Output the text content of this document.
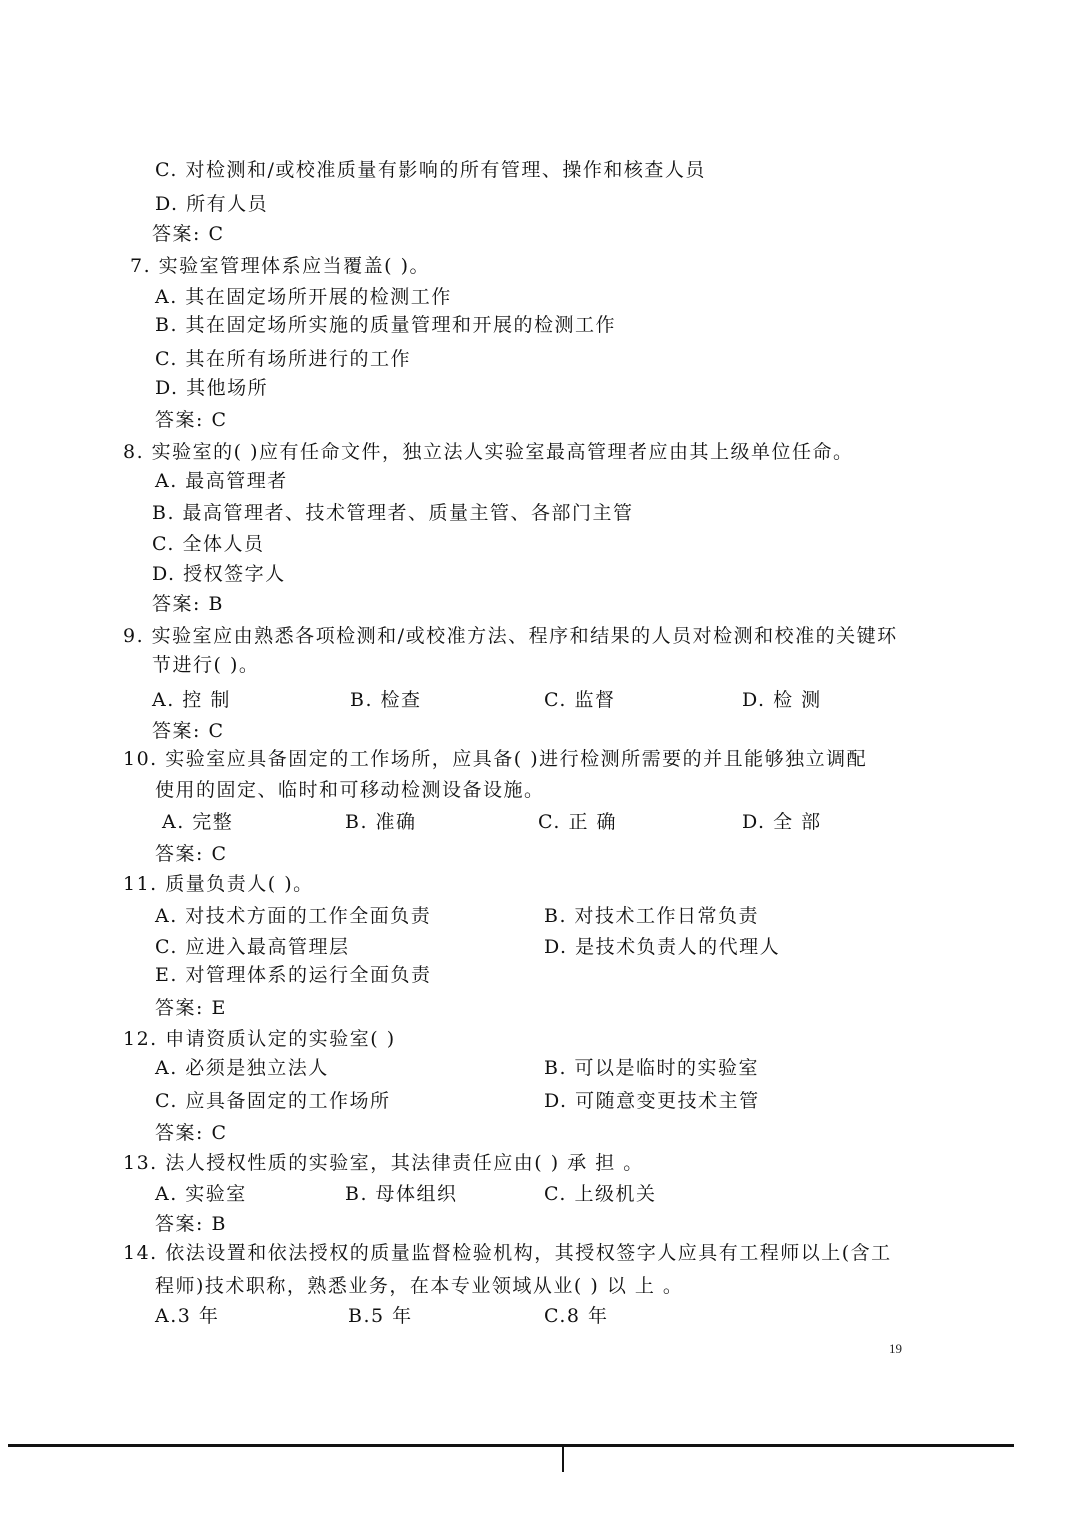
C. 对检测和/或校准质量有影响的所有管理、操作和核查人员
D. 所有人员
答案: C
7. 实验室管理体系应当覆盖( )。
A. 其在固定场所开展的检测工作
B. 其在固定场所实施的质量管理和开展的检测工作
C. 其在所有场所进行的工作
D. 其他场所
答案: C
8. 实验室的( )应有任命文件，独立法人实验室最高管理者应由其上级单位任命。
A. 最高管理者
B. 最高管理者、技术管理者、质量主管、各部门主管
C. 全体人员
D. 授权签字人
答案: B
9. 实验室应由熟悉各项检测和/或校准方法、程序和结果的人员对检测和校准的关键环
节进行( )。
A. 控 制	B. 检查	C. 监督	D. 检 测
答案: C
10. 实验室应具备固定的工作场所，应具备( )进行检测所需要的并且能够独立调配
使用的固定、临时和可移动检测设备设施。
A. 完整	B. 准确	C. 正 确	D. 全 部
答案: C
11. 质量负责人( )。
A. 对技术方面的工作全面负责	B. 对技术工作日常负责
C. 应进入最高管理层	D. 是技术负责人的代理人
E. 对管理体系的运行全面负责
答案: E
12. 申请资质认定的实验室( )
A. 必须是独立法人	B. 可以是临时的实验室
C. 应具备固定的工作场所	D. 可随意变更技术主管
答案: C
13. 法人授权性质的实验室，其法律责任应由( ) 承 担 。
A. 实验室	B. 母体组织	C. 上级机关
答案: B
14. 依法设置和依法授权的质量监督检验机构，其授权签字人应具有工程师以上(含工
程师)技术职称，熟悉业务，在本专业领域从业( ) 以 上 。
A.3 年	B.5 年	C.8 年
19
